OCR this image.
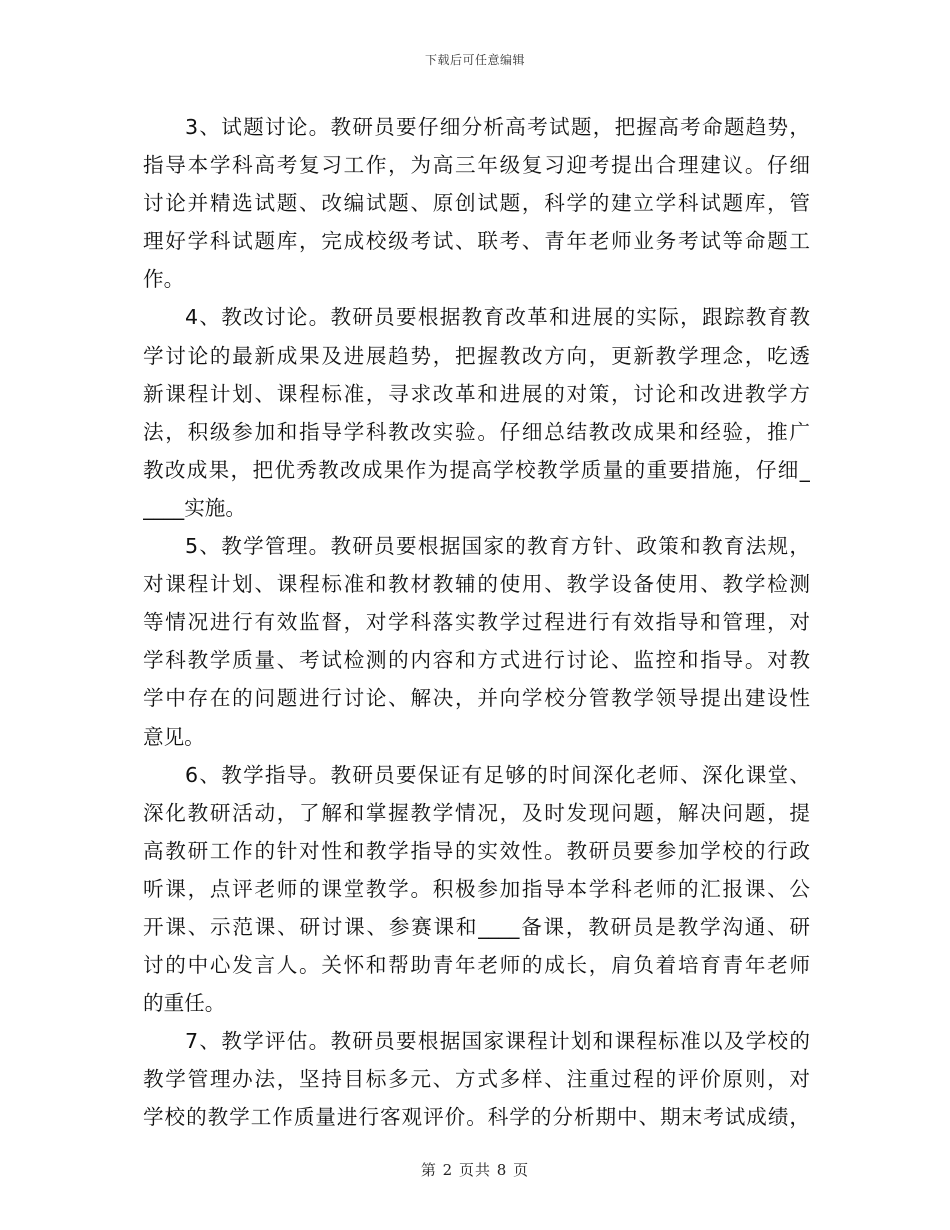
下载后可任意编辑
3、试题讨论。教研员要仔细分析高考试题，把握高考命题趋势，
指导本学科高考复习工作，为高三年级复习迎考提出合理建议。仔细
讨论并精选试题、改编试题、原创试题，科学的建立学科试题库，管
理好学科试题库，完成校级考试、联考、青年老师业务考试等命题工
作。
4、教改讨论。教研员要根据教育改革和进展的实际，跟踪教育教
学讨论的最新成果及进展趋势，把握教改方向，更新教学理念，吃透
新课程计划、课程标准，寻求改革和进展的对策，讨论和改进教学方
法，积级参加和指导学科教改实验。仔细总结教改成果和经验，推广
教改成果，把优秀教改成果作为提高学校教学质量的重要措施，仔细_
____实施。
5、教学管理。教研员要根据国家的教育方针、政策和教育法规，
对课程计划、课程标准和教材教辅的使用、教学设备使用、教学检测
等情况进行有效监督，对学科落实教学过程进行有效指导和管理，对
学科教学质量、考试检测的内容和方式进行讨论、监控和指导。对教
学中存在的问题进行讨论、解决，并向学校分管教学领导提出建设性
意见。
6、教学指导。教研员要保证有足够的时间深化老师、深化课堂、
深化教研活动，了解和掌握教学情况，及时发现问题，解决问题，提
高教研工作的针对性和教学指导的实效性。教研员要参加学校的行政
听课，点评老师的课堂教学。积极参加指导本学科老师的汇报课、公
开课、示范课、研讨课、参赛课和____备课，教研员是教学沟通、研
讨的中心发言人。关怀和帮助青年老师的成长，肩负着培育青年老师
的重任。
7、教学评估。教研员要根据国家课程计划和课程标准以及学校的
教学管理办法，坚持目标多元、方式多样、注重过程的评价原则，对
学校的教学工作质量进行客观评价。科学的分析期中、期末考试成绩，
第 2 页共 8 页
